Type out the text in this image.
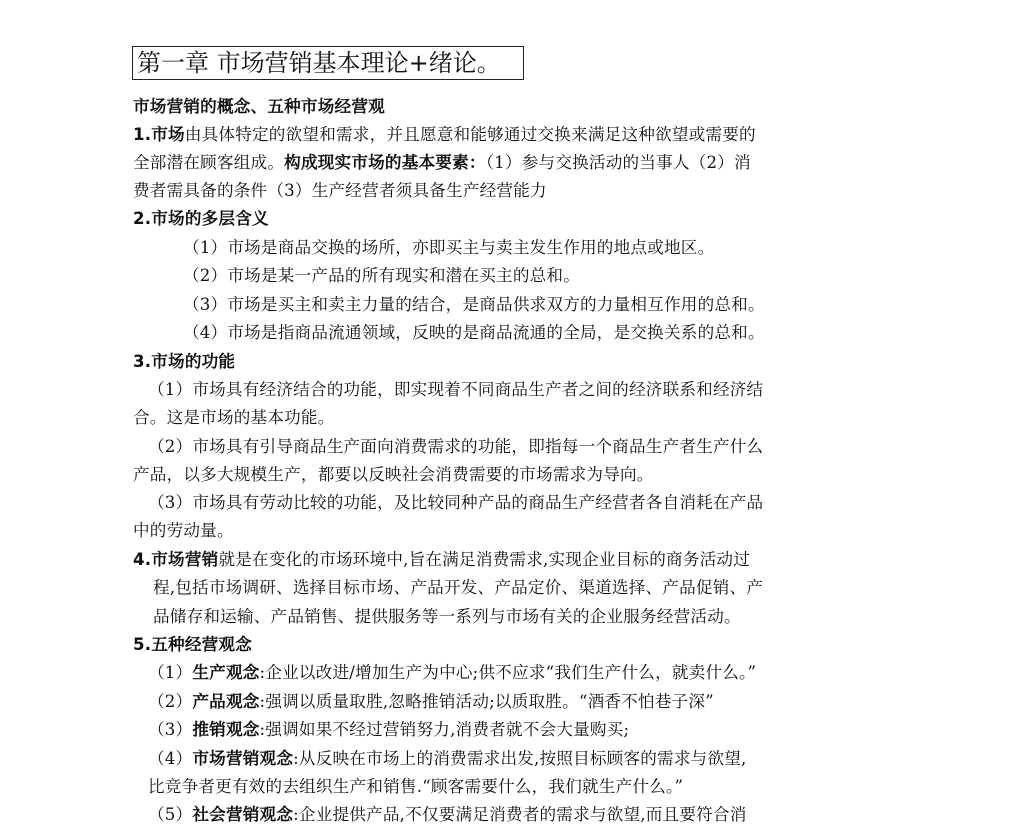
第一章 市场营销基本理论+绪论。
市场营销的概念、五种市场经营观
1.市场由具体特定的欲望和需求，并且愿意和能够通过交换来满足这种欲望或需要的
全部潜在顾客组成。构成现实市场的基本要素：（1）参与交换活动的当事人（2）消
费者需具备的条件（3）生产经营者须具备生产经营能力
2.市场的多层含义
（1）市场是商品交换的场所，亦即买主与卖主发生作用的地点或地区。
（2）市场是某一产品的所有现实和潜在买主的总和。
（3）市场是买主和卖主力量的结合，是商品供求双方的力量相互作用的总和。
（4）市场是指商品流通领域，反映的是商品流通的全局，是交换关系的总和。
3.市场的功能
（1）市场具有经济结合的功能，即实现着不同商品生产者之间的经济联系和经济结
合。这是市场的基本功能。
（2）市场具有引导商品生产面向消费需求的功能，即指每一个商品生产者生产什么
产品，以多大规模生产，都要以反映社会消费需要的市场需求为导向。
（3）市场具有劳动比较的功能，及比较同种产品的商品生产经营者各自消耗在产品
中的劳动量。
4.市场营销就是在变化的市场环境中,旨在满足消费需求,实现企业目标的商务活动过
程,包括市场调研、选择目标市场、产品开发、产品定价、渠道选择、产品促销、产
品储存和运输、产品销售、提供服务等一系列与市场有关的企业服务经营活动。
5.五种经营观念
（1）生产观念:企业以改进/增加生产为中心;供不应求“我们生产什么，就卖什么。”
（2）产品观念:强调以质量取胜,忽略推销活动;以质取胜。“酒香不怕巷子深”
（3）推销观念:强调如果不经过营销努力,消费者就不会大量购买;
（4）市场营销观念:从反映在市场上的消费需求出发,按照目标顾客的需求与欲望,
比竞争者更有效的去组织生产和销售.“顾客需要什么，我们就生产什么。”
（5）社会营销观念:企业提供产品,不仅要满足消费者的需求与欲望,而且要符合消
